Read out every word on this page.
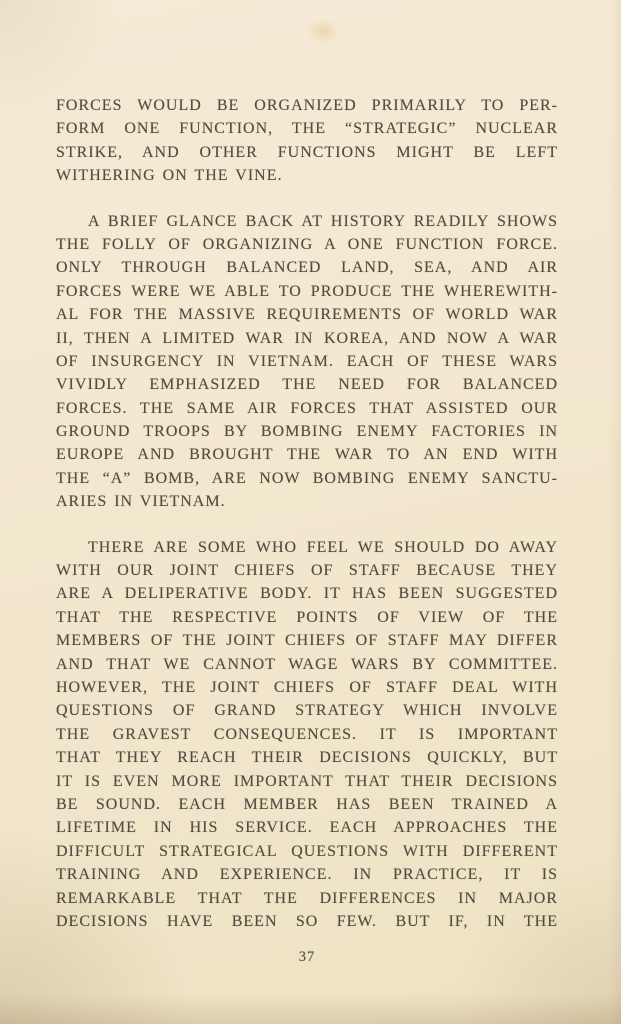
FORCES WOULD BE ORGANIZED PRIMARILY TO PER-
FORM ONE FUNCTION, THE “STRATEGIC” NUCLEAR
STRIKE, AND OTHER FUNCTIONS MIGHT BE LEFT
WITHERING ON THE VINE.
A BRIEF GLANCE BACK AT HISTORY READILY SHOWS
THE FOLLY OF ORGANIZING A ONE FUNCTION FORCE.
ONLY THROUGH BALANCED LAND, SEA, AND AIR
FORCES WERE WE ABLE TO PRODUCE THE WHEREWITH-
AL FOR THE MASSIVE REQUIREMENTS OF WORLD WAR
II, THEN A LIMITED WAR IN KOREA, AND NOW A WAR
OF INSURGENCY IN VIETNAM. EACH OF THESE WARS
VIVIDLY EMPHASIZED THE NEED FOR BALANCED
FORCES. THE SAME AIR FORCES THAT ASSISTED OUR
GROUND TROOPS BY BOMBING ENEMY FACTORIES IN
EUROPE AND BROUGHT THE WAR TO AN END WITH
THE “A” BOMB, ARE NOW BOMBING ENEMY SANCTU-
ARIES IN VIETNAM.
THERE ARE SOME WHO FEEL WE SHOULD DO AWAY
WITH OUR JOINT CHIEFS OF STAFF BECAUSE THEY
ARE A DELIPERATIVE BODY. IT HAS BEEN SUGGESTED
THAT THE RESPECTIVE POINTS OF VIEW OF THE
MEMBERS OF THE JOINT CHIEFS OF STAFF MAY DIFFER
AND THAT WE CANNOT WAGE WARS BY COMMITTEE.
HOWEVER, THE JOINT CHIEFS OF STAFF DEAL WITH
QUESTIONS OF GRAND STRATEGY WHICH INVOLVE
THE GRAVEST CONSEQUENCES. IT IS IMPORTANT
THAT THEY REACH THEIR DECISIONS QUICKLY, BUT
IT IS EVEN MORE IMPORTANT THAT THEIR DECISIONS
BE SOUND. EACH MEMBER HAS BEEN TRAINED A
LIFETIME IN HIS SERVICE. EACH APPROACHES THE
DIFFICULT STRATEGICAL QUESTIONS WITH DIFFERENT
TRAINING AND EXPERIENCE. IN PRACTICE, IT IS
REMARKABLE THAT THE DIFFERENCES IN MAJOR
DECISIONS HAVE BEEN SO FEW. BUT IF, IN THE
37
